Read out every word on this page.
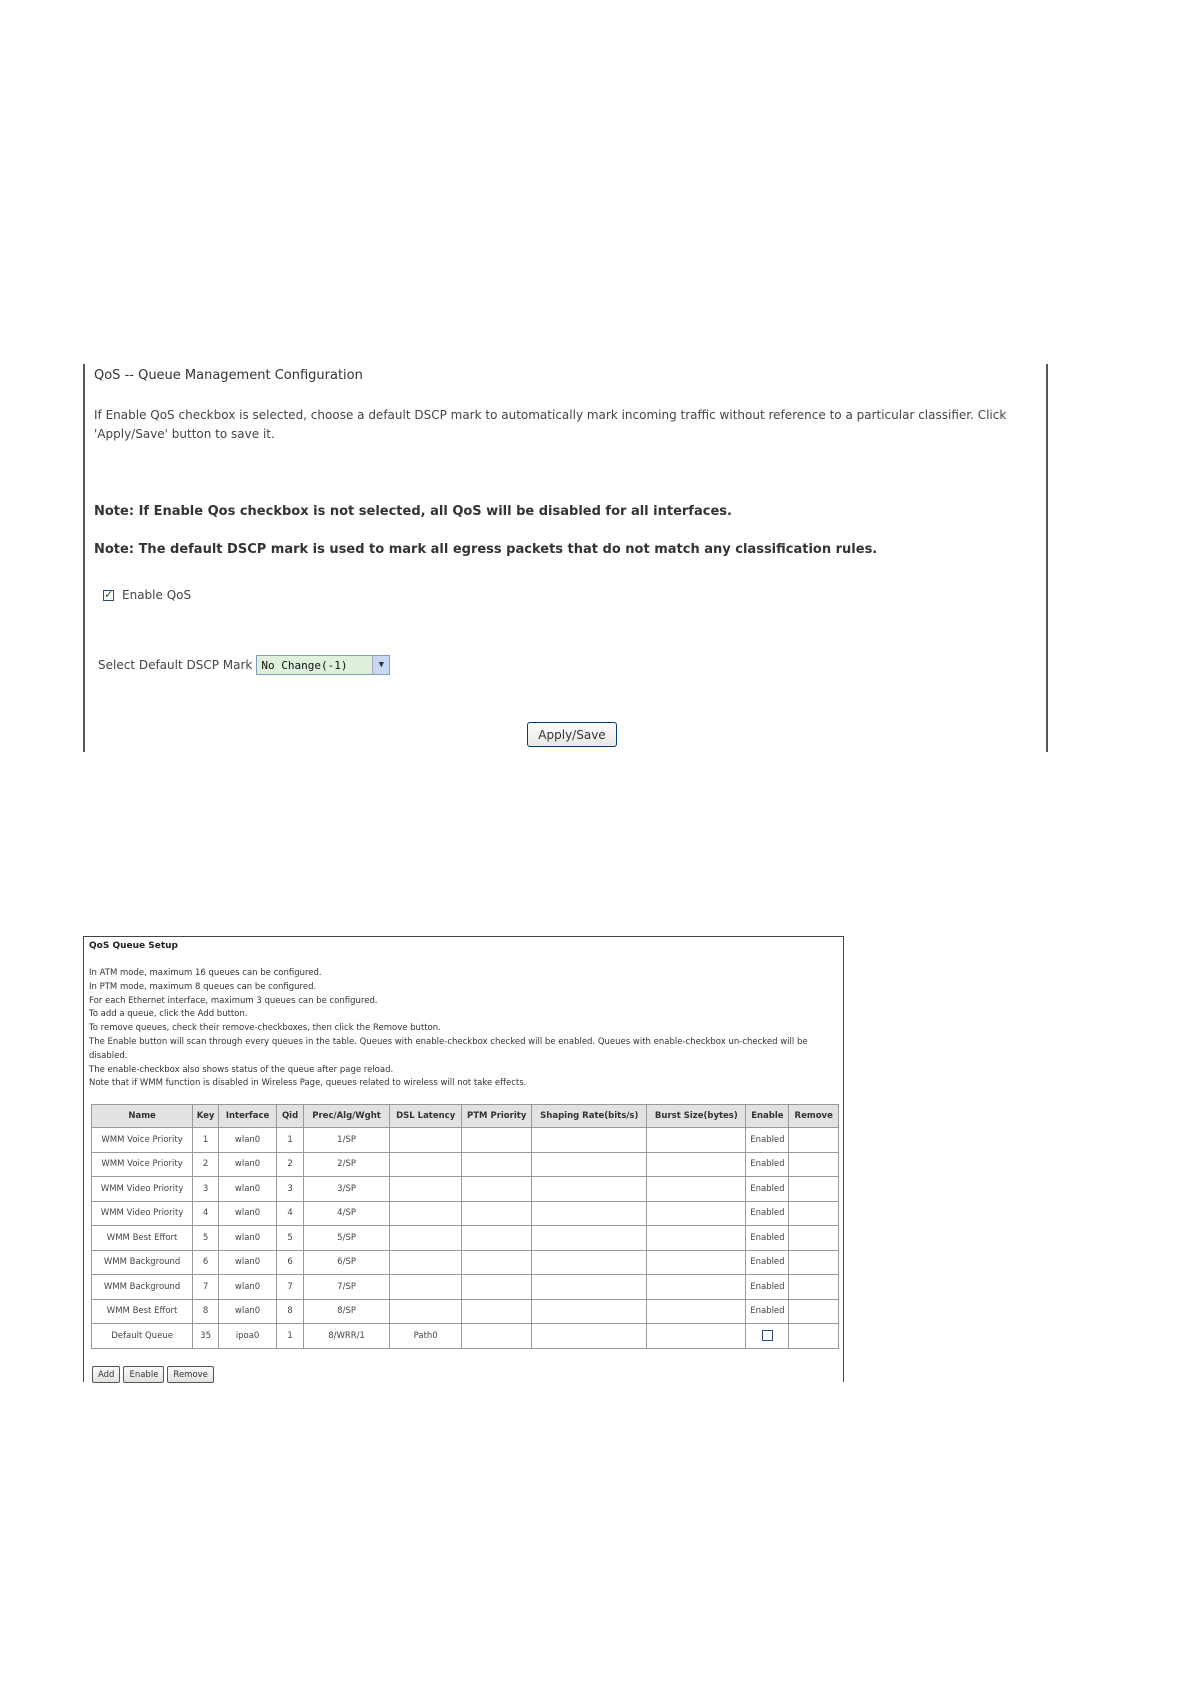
QoS -- Queue Management Configuration
If Enable QoS checkbox is selected, choose a default DSCP mark to automatically mark incoming traffic without reference to a particular classifier. Click 'Apply/Save' button to save it.
Note: If Enable Qos checkbox is not selected, all QoS will be disabled for all interfaces.
Note: The default DSCP mark is used to mark all egress packets that do not match any classification rules.
✓
Enable QoS
Select Default DSCP Mark No Change(-1)	▼
Apply/Save
QoS Queue Setup
In ATM mode, maximum 16 queues can be configured.
In PTM mode, maximum 8 queues can be configured.
For each Ethernet interface, maximum 3 queues can be configured.
To add a queue, click the Add button.
To remove queues, check their remove-checkboxes, then click the Remove button.
The Enable button will scan through every queues in the table. Queues with enable-checkbox checked will be enabled. Queues with enable-checkbox un-checked will be disabled.
The enable-checkbox also shows status of the queue after page reload.
Note that if WMM function is disabled in Wireless Page, queues related to wireless will not take effects.
Name	Key	Interface	Qid	Prec/Alg/Wght	DSL Latency	PTM Priority	Shaping Rate(bits/s)	Burst Size(bytes)	Enable	Remove
WMM Voice Priority	1	wlan0	1	1/SP					Enabled	
WMM Voice Priority	2	wlan0	2	2/SP					Enabled	
WMM Video Priority	3	wlan0	3	3/SP					Enabled	
WMM Video Priority	4	wlan0	4	4/SP					Enabled	
WMM Best Effort	5	wlan0	5	5/SP					Enabled	
WMM Background	6	wlan0	6	6/SP					Enabled	
WMM Background	7	wlan0	7	7/SP					Enabled	
WMM Best Effort	8	wlan0	8	8/SP					Enabled	
Default Queue	35	ipoa0	1	8/WRR/1	Path0					
Add	Enable	Remove
